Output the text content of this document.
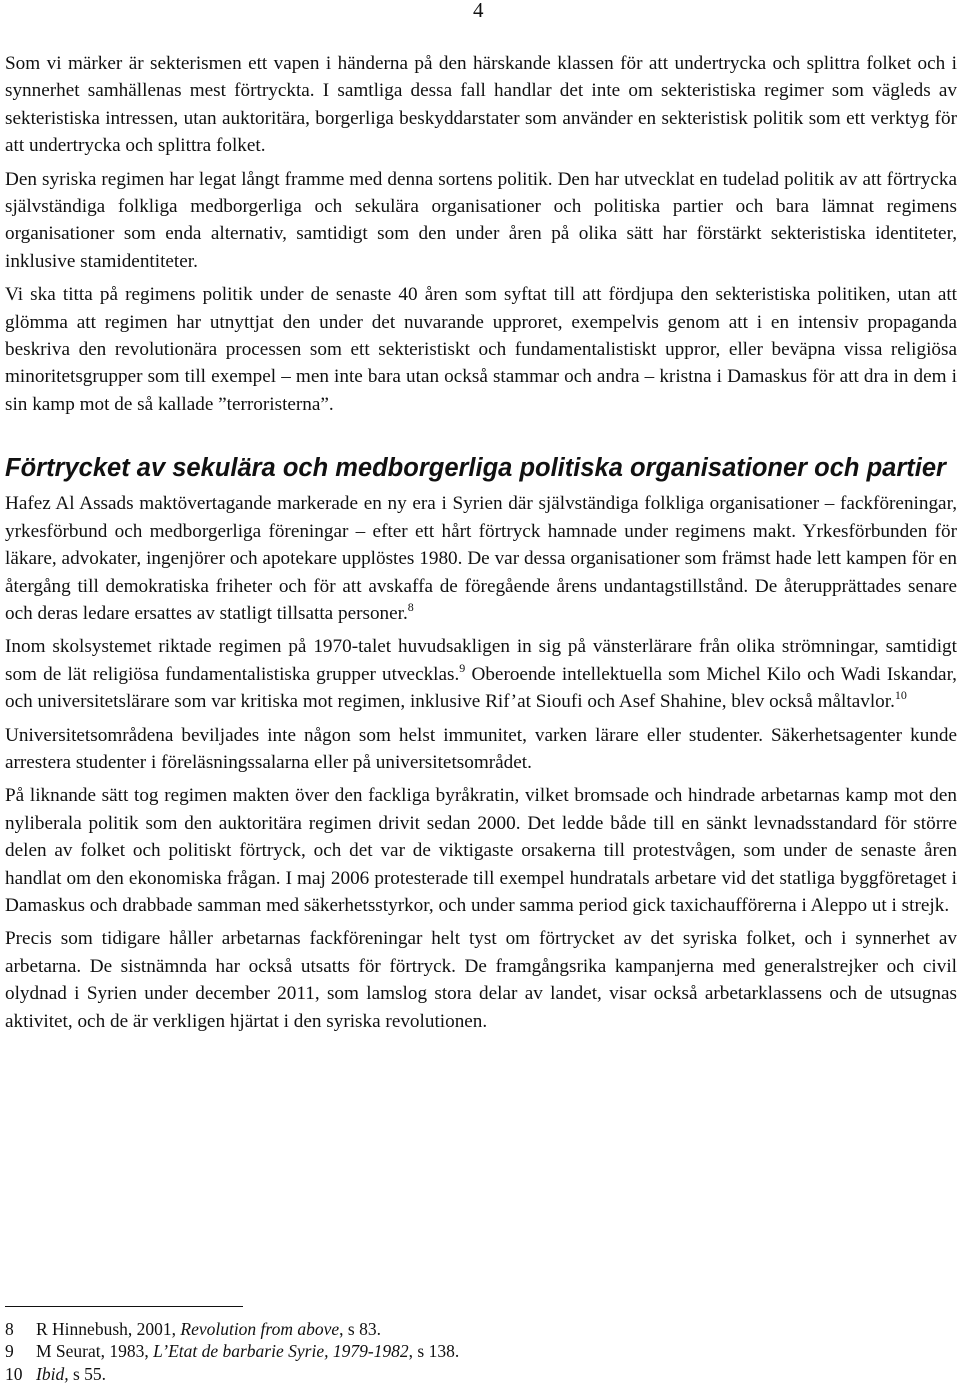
4

Som vi märker är sekterismen ett vapen i händerna på den härskande klassen för att undertrycka och splittra folket och i synnerhet samhällenas mest förtryckta. I samtliga dessa fall handlar det inte om sekteristiska regimer som vägleds av sekteristiska intressen, utan auktoritära, borgerliga beskyddarstater som använder en sekteristisk politik som ett verktyg för att undertrycka och splittra folket.

Den syriska regimen har legat långt framme med denna sortens politik. Den har utvecklat en tudelad politik av att förtrycka självständiga folkliga medborgerliga och sekulära organisationer och politiska partier och bara lämnat regimens organisationer som enda alternativ, samtidigt som den under åren på olika sätt har förstärkt sekteristiska identiteter, inklusive stamidentiteter.

Vi ska titta på regimens politik under de senaste 40 åren som syftat till att fördjupa den sekteristiska politiken, utan att glömma att regimen har utnyttjat den under det nuvarande upproret, exempelvis genom att i en intensiv propaganda beskriva den revolutionära processen som ett sekteristiskt och fundamentalistiskt uppror, eller beväpna vissa religiösa minoritetsgrupper som till exempel – men inte bara utan också stammar och andra – kristna i Damaskus för att dra in dem i sin kamp mot de så kallade ”terroristerna”.

Förtrycket av sekulära och medborgerliga politiska organisationer och partier

Hafez Al Assads maktövertagande markerade en ny era i Syrien där självständiga folkliga organisationer – fackföreningar, yrkesförbund och medborgerliga föreningar – efter ett hårt förtryck hamnade under regimens makt. Yrkesförbunden för läkare, advokater, ingenjörer och apotekare upplöstes 1980. De var dessa organisationer som främst hade lett kampen för en återgång till demokratiska friheter och för att avskaffa de föregående årens undantagstillstånd. De återupprättades senare och deras ledare ersattes av statligt tillsatta personer.$^8$

Inom skolsystemet riktade regimen på 1970-talet huvudsakligen in sig på vänsterlärare från olika strömningar, samtidigt som de lät religiösa fundamentalistiska grupper utvecklas.$^9$ Oberoende intellektuella som Michel Kilo och Wadi Iskandar, och universitetslärare som var kritiska mot regimen, inklusive Rif’at Sioufi och Asef Shahine, blev också måltavlor.$^{10}$

Universitetsområdena beviljades inte någon som helst immunitet, varken lärare eller studenter. Säkerhetsagenter kunde arrestera studenter i föreläsningssalarna eller på universitetsområdet.

På liknande sätt tog regimen makten över den fackliga byråkratin, vilket bromsade och hindrade arbetarnas kamp mot den nyliberala politik som den auktoritära regimen drivit sedan 2000. Det ledde både till en sänkt levnadsstandard för större delen av folket och politiskt förtryck, och det var de viktigaste orsakerna till protestvågen, som under de senaste åren handlat om den ekonomiska frågan. I maj 2006 protesterade till exempel hundratals arbetare vid det statliga byggföretaget i Damaskus och drabbade samman med säkerhetsstyrkor, och under samma period gick taxichaufförerna i Aleppo ut i strejk.

Precis som tidigare håller arbetarnas fackföreningar helt tyst om förtrycket av det syriska folket, och i synnerhet av arbetarna. De sistnämnda har också utsatts för förtryck. De framgångsrika kampanjerna med generalstrejker och civil olydnad i Syrien under december 2011, som lamslog stora delar av landet, visar också arbetarklassens och de utsugnas aktivitet, och de är verkligen hjärtat i den syriska revolutionen.

8	R Hinnebush, 2001, Revolution from above, s 83.
9	M Seurat, 1983, L’Etat de barbarie Syrie, 1979-1982, s 138.
10 Ibid, s 55.
